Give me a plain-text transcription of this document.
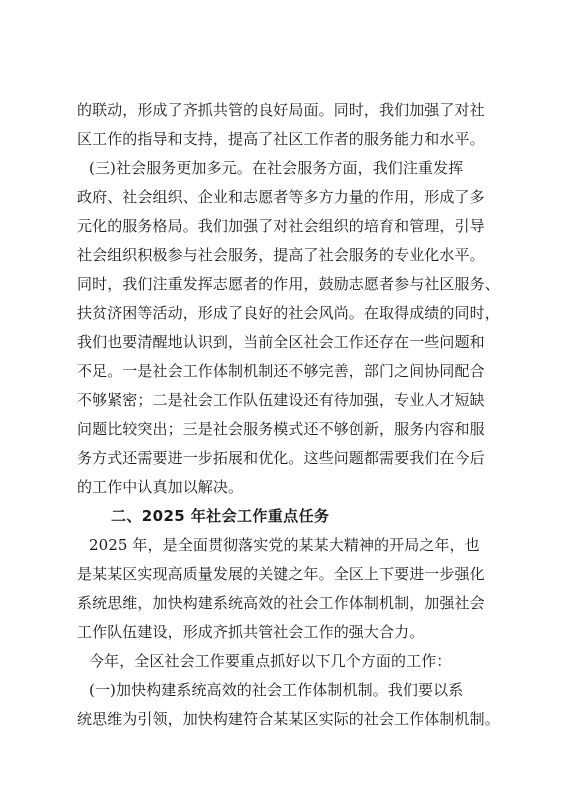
的联动，形成了齐抓共管的良好局面。同时，我们加强了对社
区工作的指导和支持，提高了社区工作者的服务能力和水平。
(三)社会服务更加多元。在社会服务方面，我们注重发挥
政府、社会组织、企业和志愿者等多方力量的作用，形成了多
元化的服务格局。我们加强了对社会组织的培育和管理，引导
社会组织积极参与社会服务，提高了社会服务的专业化水平。
同时，我们注重发挥志愿者的作用，鼓励志愿者参与社区服务、
扶贫济困等活动，形成了良好的社会风尚。在取得成绩的同时，
我们也要清醒地认识到，当前全区社会工作还存在一些问题和
不足。一是社会工作体制机制还不够完善，部门之间协同配合
不够紧密；二是社会工作队伍建设还有待加强，专业人才短缺
问题比较突出；三是社会服务模式还不够创新，服务内容和服
务方式还需要进一步拓展和优化。这些问题都需要我们在今后
的工作中认真加以解决。
二、2025 年社会工作重点任务
2025 年，是全面贯彻落实党的某某大精神的开局之年，也
是某某区实现高质量发展的关键之年。全区上下要进一步强化
系统思维，加快构建系统高效的社会工作体制机制，加强社会
工作队伍建设，形成齐抓共管社会工作的强大合力。
今年，全区社会工作要重点抓好以下几个方面的工作：
(一)加快构建系统高效的社会工作体制机制。我们要以系
统思维为引领，加快构建符合某某区实际的社会工作体制机制。
